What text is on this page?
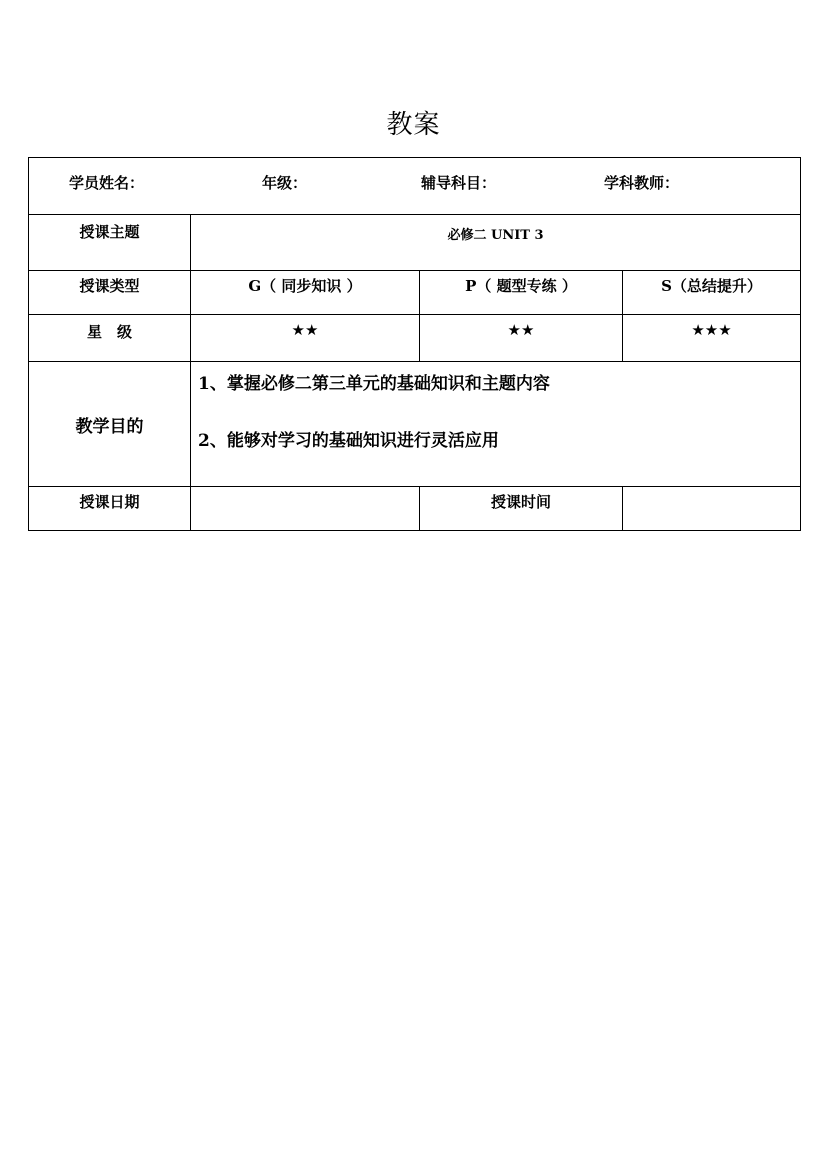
教案
学员姓名： 年级： 辅导科目： 学科教师：			

授课主题	必修二 UNIT 3		
授课类型	G（ 同步知识 ）	P（ 题型专练 ）	S（总结提升）
星　级	★★	★★	★★★
教学目的	1、掌握必修二第三单元的基础知识和主题内容
2、能够对学习的基础知识进行灵活应用		

授课日期		授课时间	
